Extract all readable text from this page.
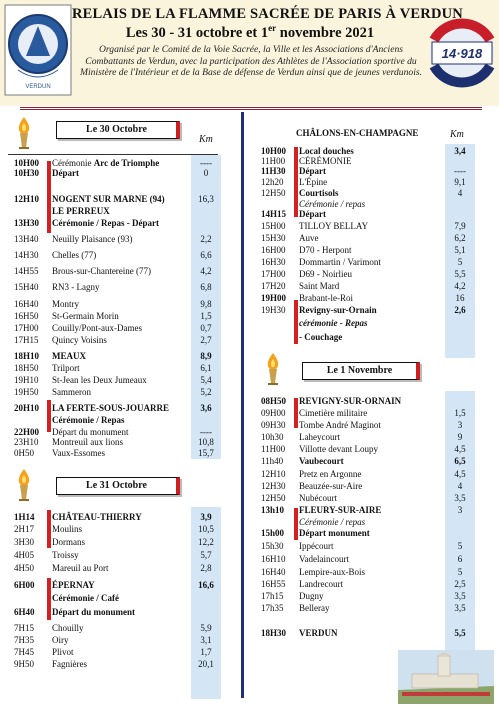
VERDUN
RELAIS DE LA FLAMME SACRÉE DE PARIS À VERDUN
Les 30 - 31 octobre et 1er novembre 2021
Organisé par le Comité de la Voie Sacrée, la Ville et les Associations d'Anciens Combattants de Verdun, avec la participation des Athlètes de l'Association sportive du Ministère de l'Intérieur et de la Base de défense de Verdun ainsi que de jeunes verdunois.
14·918
Le 30 Octobre
Km
10H00 Cérémonie Arc de Triomphe	----
10H30 Départ	0
12H10 NOGENT SUR MARNE (94)	16,3
LE PERREUX
13H30 Cérémonie / Repas - Départ
13H40 Neuilly Plaisance (93)	2,2
14H30 Chelles (77)	6,6
14H55 Brous-sur-Chantereine (77)	4,2
15H40 RN3 - Lagny	6,8
16H40 Montry	9,8
16H50 St-Germain Morin	1,5
17H00 Couilly/Pont-aux-Dames	0,7
17H15 Quincy Voisins	2,7
18H10 MEAUX	8,9
18H50 Trilport	6,1
19H10 St-Jean les Deux Jumeaux	5,4
19H50 Sammeron	5,2
20H10 LA FERTE-SOUS-JOUARRE	3,6
Cérémonie / Repas
22H00 Départ du monument	----
23H10 Montreuil aux lions	10,8
0H50 Vaux-Essomes	15,7
Le 31 Octobre
1H14 CHÂTEAU-THIERRY	3,9
2H17 Moulins	10,5
3H30 Dormans	12,2
4H05 Troissy	5,7
4H50 Mareuil au Port	2,8
6H00 ÉPERNAY	16,6
Cérémonie / Café
6H40 Départ du monument
7H15 Chouilly	5,9
7H35 Oiry	3,1
7H45 Plivot	1,7
9H50 Fagnières	20,1
CHÂLONS-EN-CHAMPAGNE	Km
10H00 Local douches	3,4
11H00 CÉRÉMONIE
11H30 Départ	----
12h20 L'Épine	9,1
12H50 Courtisols	4
Cérémonie / repas
14H15 Départ
15H00 TILLOY BELLAY	7,9
15H30 Auve	6,2
16H00 D70 - Herpont	5,1
16H30 Dommartin / Varimont	5
17H00 D69 - Noirlieu	5,5
17H20 Saint Mard	4,2
19H00 Brabant-le-Roi	16
19H30 Revigny-sur-Ornain	2,6
cérémonie - Repas
- Couchage
Le 1 Novembre
08H50 REVIGNY-SUR-ORNAIN
09H00 Cimetière militaire	1,5
09H30 Tombe André Maginot	3
10h30 Laheycourt	9
11H00 Villotte devant Loupy	4,5
11h40 Vaubecourt	6,5
12H10 Pretz en Argonne	4,5
12H30 Beauzée-sur-Aire	4
12H50 Nubécourt	3,5
13h10 FLEURY-SUR-AIRE	3
Cérémonie / repas
15h00 Départ monument
15h30 Ippécourt	5
16H10 Vadelaincourt	6
16H40 Lempire-aux-Bois	5
16H55 Landrecourt	2,5
17h15 Dugny	3,5
17h35 Belleray	3,5
18H30 VERDUN	5,5
